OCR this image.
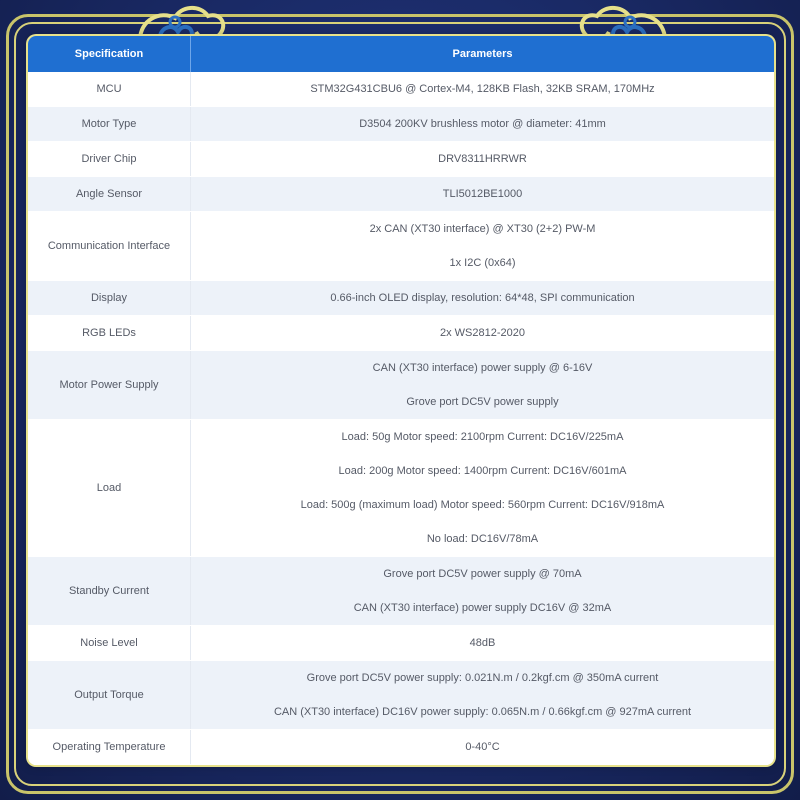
Specification	Parameters
MCU	STM32G431CBU6 @ Cortex-M4, 128KB Flash, 32KB SRAM, 170MHz

Motor Type	D3504 200KV brushless motor @ diameter: 41mm

Driver Chip	DRV8311HRRWR

Angle Sensor	TLI5012BE1000

Communication Interface	2x CAN (XT30 interface) @ XT30 (2+2) PW-M
1x I2C (0x64)

Display	0.66-inch OLED display, resolution: 64*48, SPI communication

RGB LEDs	2x WS2812-2020

Motor Power Supply	CAN (XT30 interface) power supply @ 6-16V
Grove port DC5V power supply

Load	Load: 50g Motor speed: 2100rpm Current: DC16V/225mA
Load: 200g Motor speed: 1400rpm Current: DC16V/601mA
Load: 500g (maximum load) Motor speed: 560rpm Current: DC16V/918mA
No load: DC16V/78mA

Standby Current	Grove port DC5V power supply @ 70mA
CAN (XT30 interface) power supply DC16V @ 32mA

Noise Level	48dB

Output Torque	Grove port DC5V power supply: 0.021N.m / 0.2kgf.cm @ 350mA current
CAN (XT30 interface) DC16V power supply: 0.065N.m / 0.66kgf.cm @ 927mA current

Operating Temperature	0-40°C
